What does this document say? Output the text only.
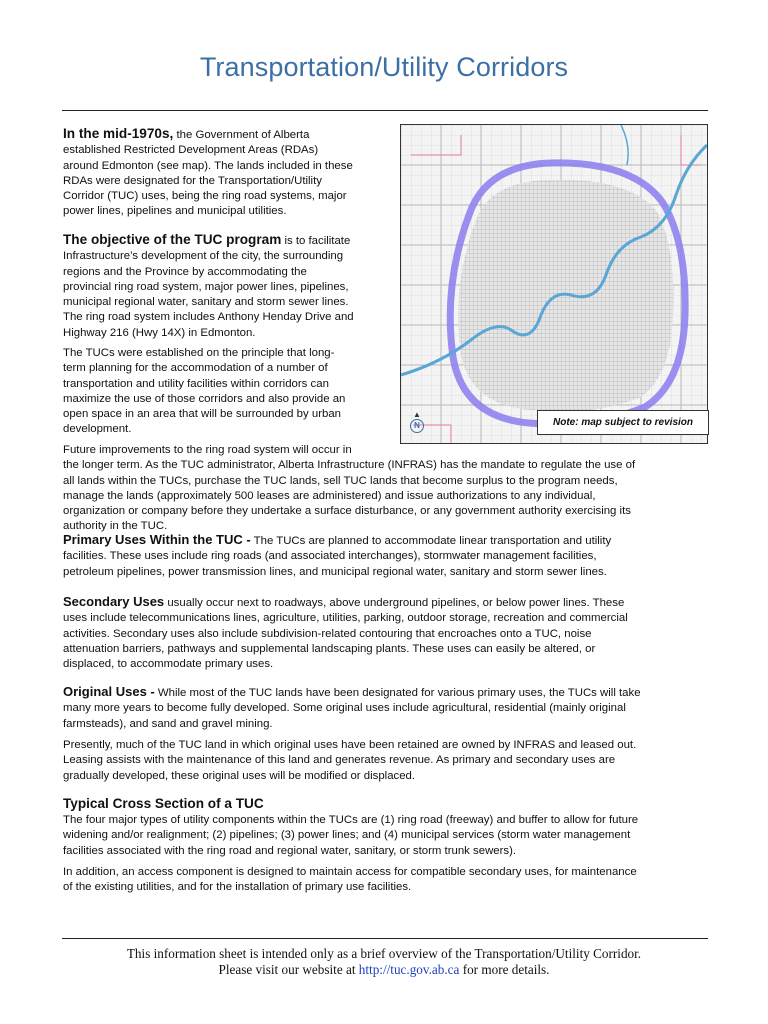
Transportation/Utility Corridors

In the mid-1970s, the Government of Alberta
established Restricted Development Areas (RDAs)
around Edmonton (see map). The lands included in these
RDAs were designated for the Transportation/Utility
Corridor (TUC) uses, being the ring road systems, major
power lines, pipelines and municipal utilities.

The objective of the TUC program is to facilitate
Infrastructure’s development of the city, the surrounding
regions and the Province by accommodating the
provincial ring road system, major power lines, pipelines,
municipal regional water, sanitary and storm sewer lines.
The ring road system includes Anthony Henday Drive and
Highway 216 (Hwy 14X) in Edmonton.

The TUCs were established on the principle that long-
term planning for the accommodation of a number of
transportation and utility facilities within corridors can
maximize the use of those corridors and also provide an
open space in an area that will be surrounded by urban
development.

▲
N	Note: map subject to revision

Future improvements to the ring road system will occur in
the longer term. As the TUC administrator, Alberta Infrastructure (INFRAS) has the mandate to regulate the use of
all lands within the TUCs, purchase the TUC lands, sell TUC lands that become surplus to the program needs,
manage the lands (approximately 500 leases are administered) and issue authorizations to any individual,
organization or company before they undertake a surface disturbance, or any government authority exercising its
authority in the TUC.

Primary Uses Within the TUC - The TUCs are planned to accommodate linear transportation and utility
facilities. These uses include ring roads (and associated interchanges), stormwater management facilities,
petroleum pipelines, power transmission lines, and municipal regional water, sanitary and storm sewer lines.

Secondary Uses usually occur next to roadways, above underground pipelines, or below power lines. These
uses include telecommunications lines, agriculture, utilities, parking, outdoor storage, recreation and commercial
activities. Secondary uses also include subdivision-related contouring that encroaches onto a TUC, noise
attenuation barriers, pathways and supplemental landscaping plants. These uses can easily be altered, or
displaced, to accommodate primary uses.

Original Uses - While most of the TUC lands have been designated for various primary uses, the TUCs will take
many more years to become fully developed. Some original uses include agricultural, residential (mainly original
farmsteads), and sand and gravel mining.

Presently, much of the TUC land in which original uses have been retained are owned by INFRAS and leased out.
Leasing assists with the maintenance of this land and generates revenue. As primary and secondary uses are
gradually developed, these original uses will be modified or displaced.

Typical Cross Section of a TUC

The four major types of utility components within the TUCs are (1) ring road (freeway) and buffer to allow for future
widening and/or realignment; (2) pipelines; (3) power lines; and (4) municipal services (storm water management
facilities associated with the ring road and regional water, sanitary, or storm trunk sewers).

In addition, an access component is designed to maintain access for compatible secondary uses, for maintenance
of the existing utilities, and for the installation of primary use facilities.

This information sheet is intended only as a brief overview of the Transportation/Utility Corridor.
Please visit our website at http://tuc.gov.ab.ca for more details.
